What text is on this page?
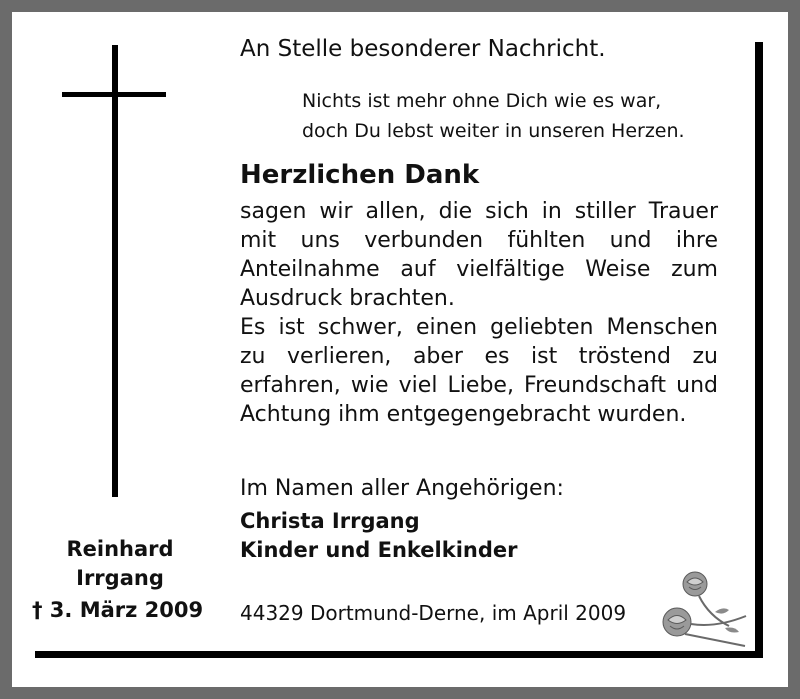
An Stelle besonderer Nachricht.
Nichts ist mehr ohne Dich wie es war,
doch Du lebst weiter in unseren Herzen.
Herzlichen Dank
sagen wir allen, die sich in stiller Trauer mit uns verbunden fühlten und ihre Anteilnahme auf vielfältige Weise zum Ausdruck brachten.
Es ist schwer, einen geliebten Menschen zu verlieren, aber es ist tröstend zu erfahren, wie viel Liebe, Freundschaft und Achtung ihm entgegengebracht wurden.
Im Namen aller Angehörigen:
Christa Irrgang
Kinder und Enkelkinder
Reinhard
Irrgang
† 3. März 2009 44329 Dortmund-Derne, im April 2009
